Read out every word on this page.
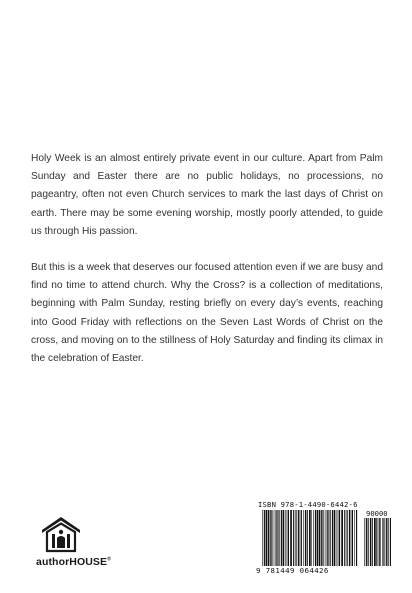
Holy Week is an almost entirely private event in our culture. Apart from Palm Sunday and Easter there are no public holidays, no processions, no pageantry, often not even Church services to mark the last days of Christ on earth. There may be some evening worship, mostly poorly attended, to guide us through His passion.

But this is a week that deserves our focused attention even if we are busy and find no time to attend church. Why the Cross? is a collection of meditations, beginning with Palm Sunday, resting briefly on every day’s events, reaching into Good Friday with reflections on the Seven Last Words of Christ on the cross, and moving on to the stillness of Holy Saturday and finding its climax in the celebration of Easter.

authorHOUSE®
ISBN 978-1-4490-6442-6
90000
9 781449 064426
